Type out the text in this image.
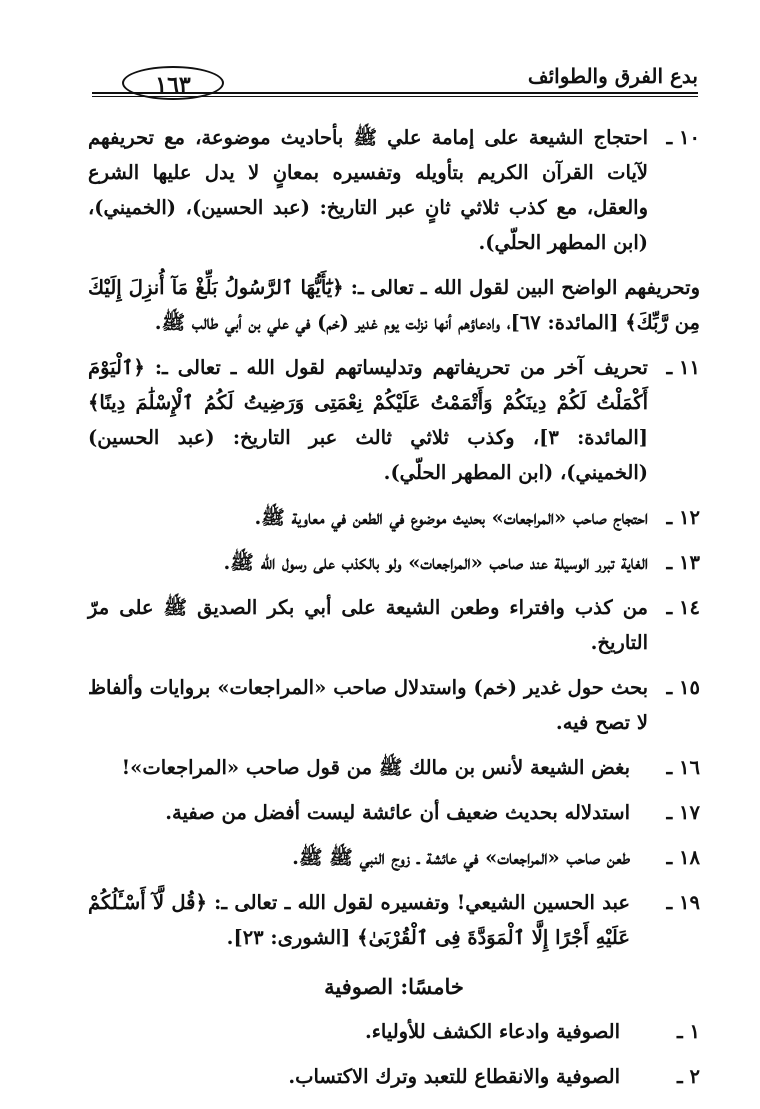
بدع الفرق والطوائف
١٦٣
١٠ ـ
احتجاج الشيعة على إمامة علي ﷺ بأحاديث موضوعة، مع تحريفهم لآيات القرآن الكريم بتأويله وتفسيره بمعانٍ لا يدل عليها الشرع والعقل، مع كذب ثلاثي ثانٍ عبر التاريخ: (عبد الحسين)، (الخميني)، (ابن المطهر الحلّي).

وتحريفهم الواضح البين لقول الله ـ تعالى ـ: ﴿يَٰٓأَيُّهَا ٱلرَّسُولُ بَلِّغْ مَآ أُنزِلَ إِلَيْكَ مِن رَّبِّكَ﴾ [المائدة: ٦٧]، وادعاؤهم أنها نزلت يوم غدير (خم) في علي بن أبي طالب ﷺ.

١١ ـ
تحريف آخر من تحريفاتهم وتدليساتهم لقول الله ـ تعالى ـ: ﴿ٱلْيَوْمَ أَكْمَلْتُ لَكُمْ دِينَكُمْ وَأَتْمَمْتُ عَلَيْكُمْ نِعْمَتِى وَرَضِيتُ لَكُمُ ٱلْإِسْلَٰمَ دِينًا﴾ [المائدة: ٣]، وكذب ثلاثي ثالث عبر التاريخ: (عبد الحسين) (الخميني)، (ابن المطهر الحلّي).
١٢ ـ
احتجاج صاحب «المراجعات» بحديث موضوع في الطعن في معاوية ﷺ.
١٣ ـ
الغاية تبرر الوسيلة عند صاحب «المراجعات» ولو بالكذب على رسول الله ﷺ.
١٤ ـ
من كذب وافتراء وطعن الشيعة على أبي بكر الصديق ﷺ على مرّ التاريخ.
١٥ ـ
بحث حول غدير (خم) واستدلال صاحب «المراجعات» بروايات وألفاظ لا تصح فيه.
١٦ ـ
بغض الشيعة لأنس بن مالك ﷺ من قول صاحب «المراجعات»!
١٧ ـ
استدلاله بحديث ضعيف أن عائشة ليست أفضل من صفية.
١٨ ـ
طعن صاحب «المراجعات» في عائشة ـ زوج النبي ﷺ ﷺ.
١٩ ـ
عبد الحسين الشيعي! وتفسيره لقول الله ـ تعالى ـ: ﴿قُل لَّآ أَسْـَٔلُكُمْ عَلَيْهِ أَجْرًا إِلَّا ٱلْمَوَدَّةَ فِى ٱلْقُرْبَىٰ﴾ [الشورى: ٢٣].
خامسًا: الصوفية
١ ـ
الصوفية وادعاء الكشف للأولياء.
٢ ـ
الصوفية والانقطاع للتعبد وترك الاكتساب.
